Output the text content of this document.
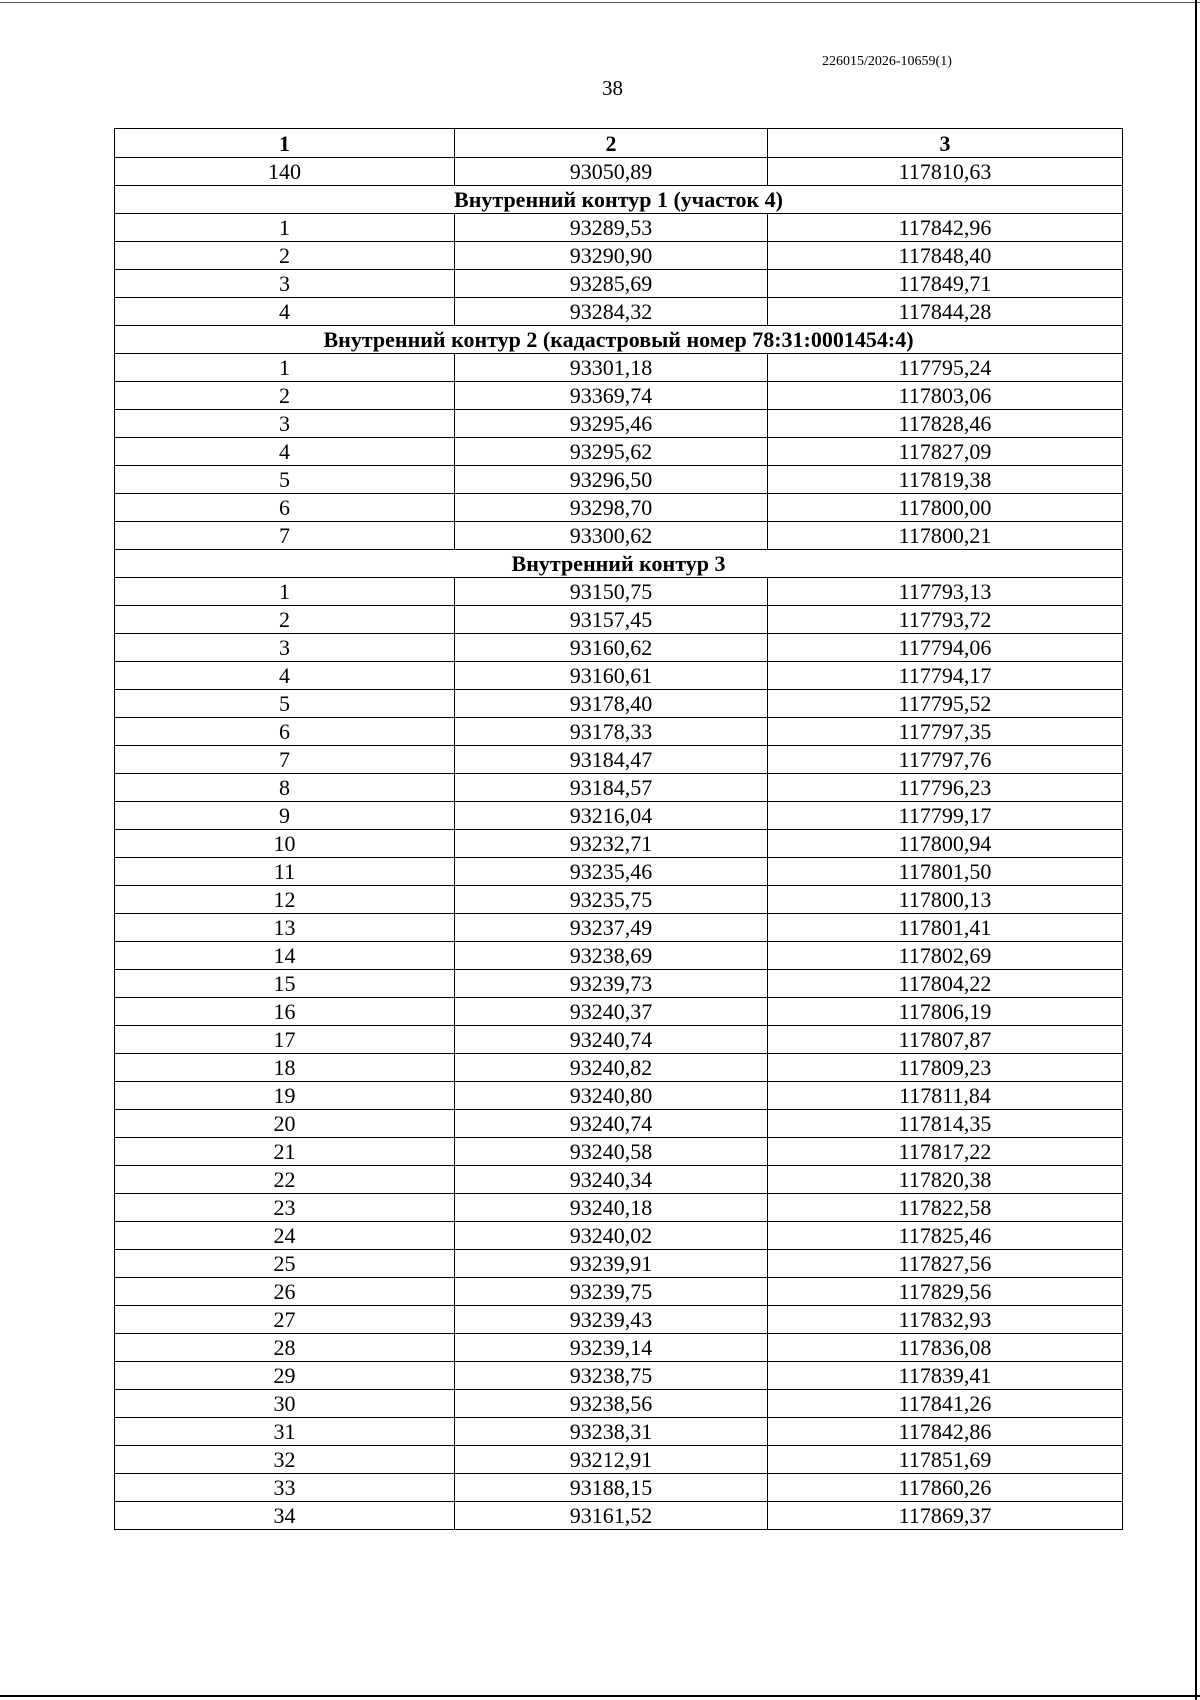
226015/2026-10659(1)
38
1	2	3
140	93050,89	117810,63
Внутренний контур 1 (участок 4)		
1	93289,53	117842,96
2	93290,90	117848,40
3	93285,69	117849,71
4	93284,32	117844,28
Внутренний контур 2 (кадастровый номер 78:31:0001454:4)		
1	93301,18	117795,24
2	93369,74	117803,06
3	93295,46	117828,46
4	93295,62	117827,09
5	93296,50	117819,38
6	93298,70	117800,00
7	93300,62	117800,21
Внутренний контур 3		
1	93150,75	117793,13
2	93157,45	117793,72
3	93160,62	117794,06
4	93160,61	117794,17
5	93178,40	117795,52
6	93178,33	117797,35
7	93184,47	117797,76
8	93184,57	117796,23
9	93216,04	117799,17
10	93232,71	117800,94
11	93235,46	117801,50
12	93235,75	117800,13
13	93237,49	117801,41
14	93238,69	117802,69
15	93239,73	117804,22
16	93240,37	117806,19
17	93240,74	117807,87
18	93240,82	117809,23
19	93240,80	117811,84
20	93240,74	117814,35
21	93240,58	117817,22
22	93240,34	117820,38
23	93240,18	117822,58
24	93240,02	117825,46
25	93239,91	117827,56
26	93239,75	117829,56
27	93239,43	117832,93
28	93239,14	117836,08
29	93238,75	117839,41
30	93238,56	117841,26
31	93238,31	117842,86
32	93212,91	117851,69
33	93188,15	117860,26
34	93161,52	117869,37
